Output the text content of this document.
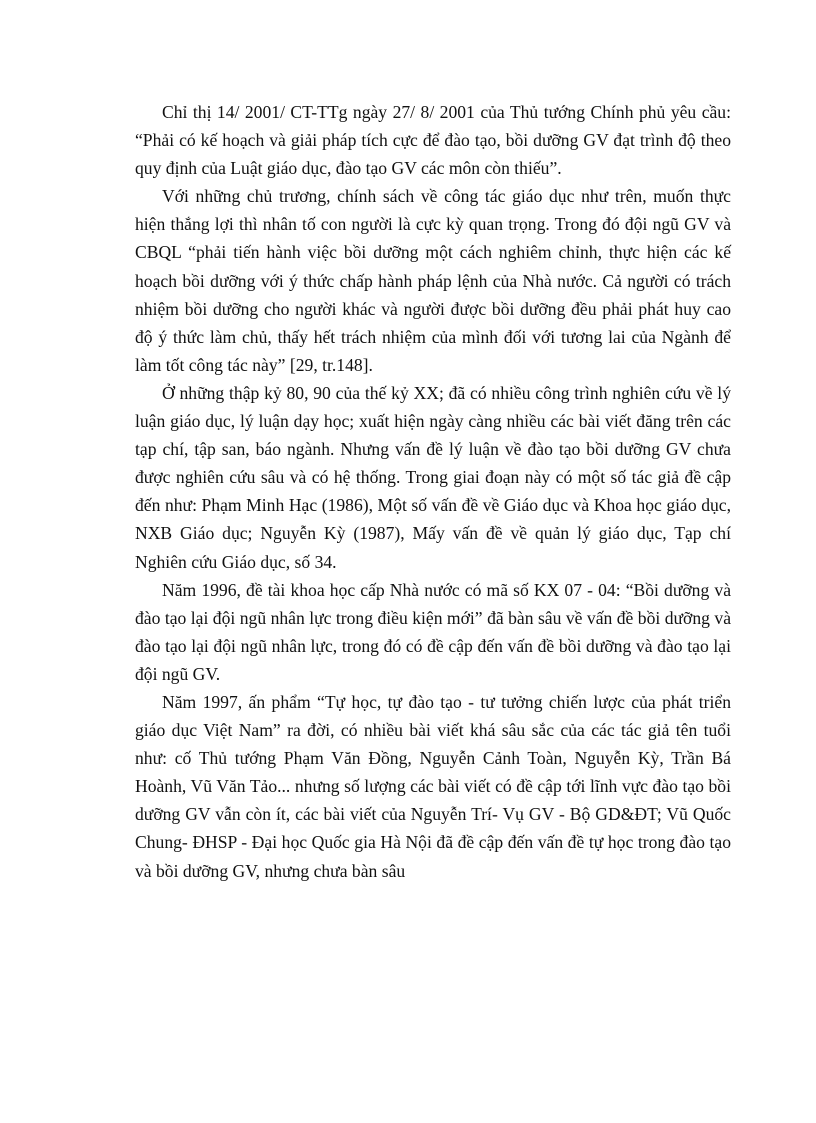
Chỉ thị 14/ 2001/ CT-TTg ngày 27/ 8/ 2001 của Thủ tướng Chính phủ yêu cầu: “Phải có kế hoạch và giải pháp tích cực để đào tạo, bồi dưỡng GV đạt trình độ theo quy định của Luật giáo dục, đào tạo GV các môn còn thiếu”.

Với những chủ trương, chính sách về công tác giáo dục như trên, muốn thực hiện thắng lợi thì nhân tố con người là cực kỳ quan trọng. Trong đó đội ngũ GV và CBQL “phải tiến hành việc bồi dưỡng một cách nghiêm chỉnh, thực hiện các kế hoạch bồi dưỡng với ý thức chấp hành pháp lệnh của Nhà nước. Cả người có trách nhiệm bồi dưỡng cho người khác và người được bồi dưỡng đều phải phát huy cao độ ý thức làm chủ, thấy hết trách nhiệm của mình đối với tương lai của Ngành để làm tốt công tác này” [29, tr.148].

Ở những thập kỷ 80, 90 của thế kỷ XX; đã có nhiều công trình nghiên cứu về lý luận giáo dục, lý luận dạy học; xuất hiện ngày càng nhiều các bài viết đăng trên các tạp chí, tập san, báo ngành. Nhưng vấn đề lý luận về đào tạo bồi dưỡng GV chưa được nghiên cứu sâu và có hệ thống. Trong giai đoạn này có một số tác giả đề cập đến như: Phạm Minh Hạc (1986), Một số vấn đề về Giáo dục và Khoa học giáo dục, NXB Giáo dục; Nguyễn Kỳ (1987), Mấy vấn đề về quản lý giáo dục, Tạp chí Nghiên cứu Giáo dục, số 34.

Năm 1996, đề tài khoa học cấp Nhà nước có mã số KX 07 - 04: “Bồi dưỡng và đào tạo lại đội ngũ nhân lực trong điều kiện mới” đã bàn sâu về vấn đề bồi dưỡng và đào tạo lại đội ngũ nhân lực, trong đó có đề cập đến vấn đề bồi dưỡng và đào tạo lại đội ngũ GV.

Năm 1997, ấn phẩm “Tự học, tự đào tạo - tư tưởng chiến lược của phát triển giáo dục Việt Nam” ra đời, có nhiều bài viết khá sâu sắc của các tác giả tên tuổi như: cố Thủ tướng Phạm Văn Đồng, Nguyễn Cảnh Toàn, Nguyễn Kỳ, Trần Bá Hoành, Vũ Văn Tảo... nhưng số lượng các bài viết có đề cập tới lĩnh vực đào tạo bồi dưỡng GV vẫn còn ít, các bài viết của Nguyễn Trí- Vụ GV - Bộ GD&ĐT; Vũ Quốc Chung- ĐHSP - Đại học Quốc gia Hà Nội đã đề cập đến vấn đề tự học trong đào tạo và bồi dưỡng GV, nhưng chưa bàn sâu
